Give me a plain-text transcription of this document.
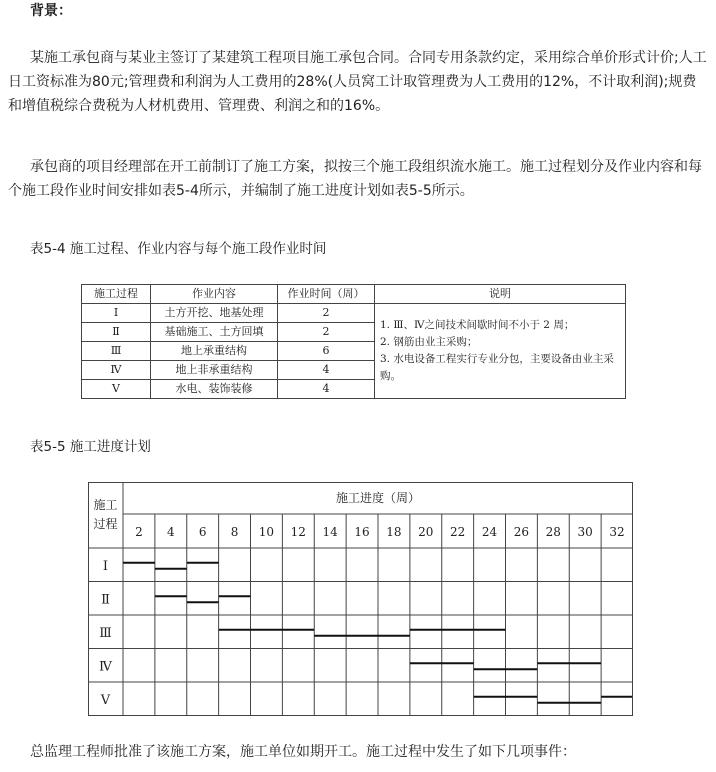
背景：

某施工承包商与某业主签订了某建筑工程项目施工承包合同。合同专用条款约定，采用综合单价形式计价;人工日工资标准为80元;管理费和利润为人工费用的28%(人员窝工计取管理费为人工费用的12%，不计取利润);规费和增值税综合费税为人材机费用、管理费、利润之和的16%。

承包商的项目经理部在开工前制订了施工方案，拟按三个施工段组织流水施工。施工过程划分及作业内容和每个施工段作业时间安排如表5-4所示，并编制了施工进度计划如表5-5所示。

表5-4 施工过程、作业内容与每个施工段作业时间
施工过程	作业内容	作业时间（周）	说明
Ⅰ	土方开挖、地基处理	2	1. Ⅲ、Ⅳ之间技术间歇时间不小于 2 周；
2. 钢筋由业主采购；
3. 水电设备工程实行专业分包，主要设备由业主采购。

Ⅱ	基础施工、土方回填	2	
Ⅲ	地上承重结构	6	
Ⅳ	地上非承重结构	4	
Ⅴ	水电、装饰装修	4	
表5-5 施工进度计划
施工
过程
施工进度（周）
2 4 6 8 10 12 14 16 18 20 22 24 26 28 30 32
Ⅰ
Ⅱ
Ⅲ
Ⅳ
Ⅴ

总监理工程师批准了该施工方案，施工单位如期开工。施工过程中发生了如下几项事件：
